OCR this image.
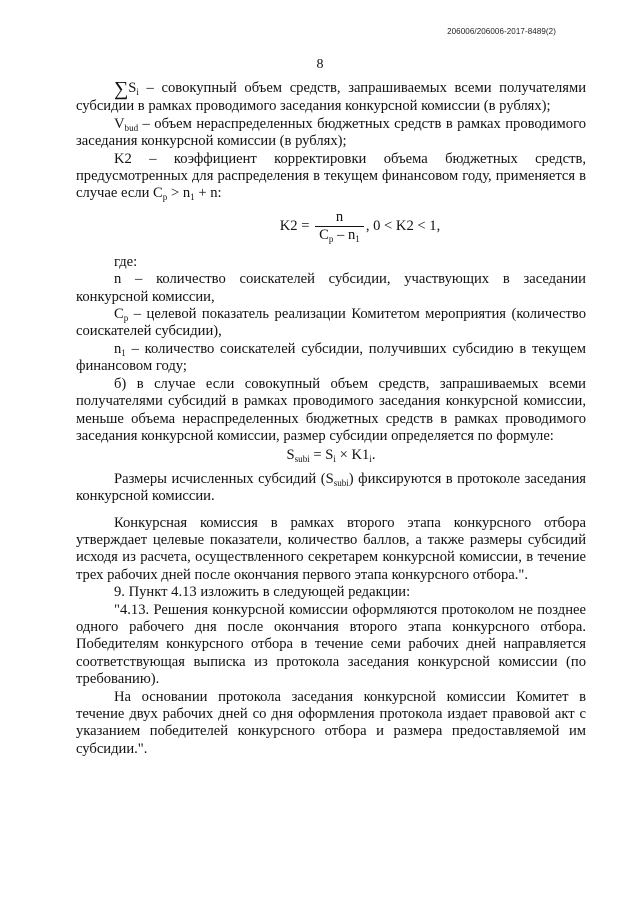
206006/206006-2017-8489(2)
8

$\sum S_i$ – совокупный объем средств, запрашиваемых всеми получателями субсидии в рамках проводимого заседания конкурсной комиссии (в рублях);

$V_{bud}$ – объем нераспределенных бюджетных средств в рамках проводимого заседания конкурсной комиссии (в рублях);

K2 – коэффициент корректировки объема бюджетных средств, предусмотренных для распределения в текущем финансовом году, применяется в случае если $C_p > n_1 + n$:

$K2 = \frac{n}{C_p - n_1}$ , 0 < K2 < 1,

где:

n – количество соискателей субсидии, участвующих в заседании конкурсной комиссии,

$C_p$ – целевой показатель реализации Комитетом мероприятия (количество соискателей субсидии),

$n_1$ – количество соискателей субсидии, получивших субсидию в текущем финансовом году;

б) в случае если совокупный объем средств, запрашиваемых всеми получателями субсидий в рамках проводимого заседания конкурсной комиссии, меньше объема нераспределенных бюджетных средств в рамках проводимого заседания конкурсной комиссии, размер субсидии определяется по формуле:

$S_{subi} = S_i \times K1_i$.

Размеры исчисленных субсидий $(S_{subi})$ фиксируются в протоколе заседания конкурсной комиссии.

Конкурсная комиссия в рамках второго этапа конкурсного отбора утверждает целевые показатели, количество баллов, а также размеры субсидий исходя из расчета, осуществленного секретарем конкурсной комиссии, в течение трех рабочих дней после окончания первого этапа конкурсного отбора.".

9. Пункт 4.13 изложить в следующей редакции:

"4.13. Решения конкурсной комиссии оформляются протоколом не позднее одного рабочего дня после окончания второго этапа конкурсного отбора. Победителям конкурсного отбора в течение семи рабочих дней направляется соответствующая выписка из протокола заседания конкурсной комиссии (по требованию).

На основании протокола заседания конкурсной комиссии Комитет в течение двух рабочих дней со дня оформления протокола издает правовой акт с указанием победителей конкурсного отбора и размера предоставляемой им субсидии.".
